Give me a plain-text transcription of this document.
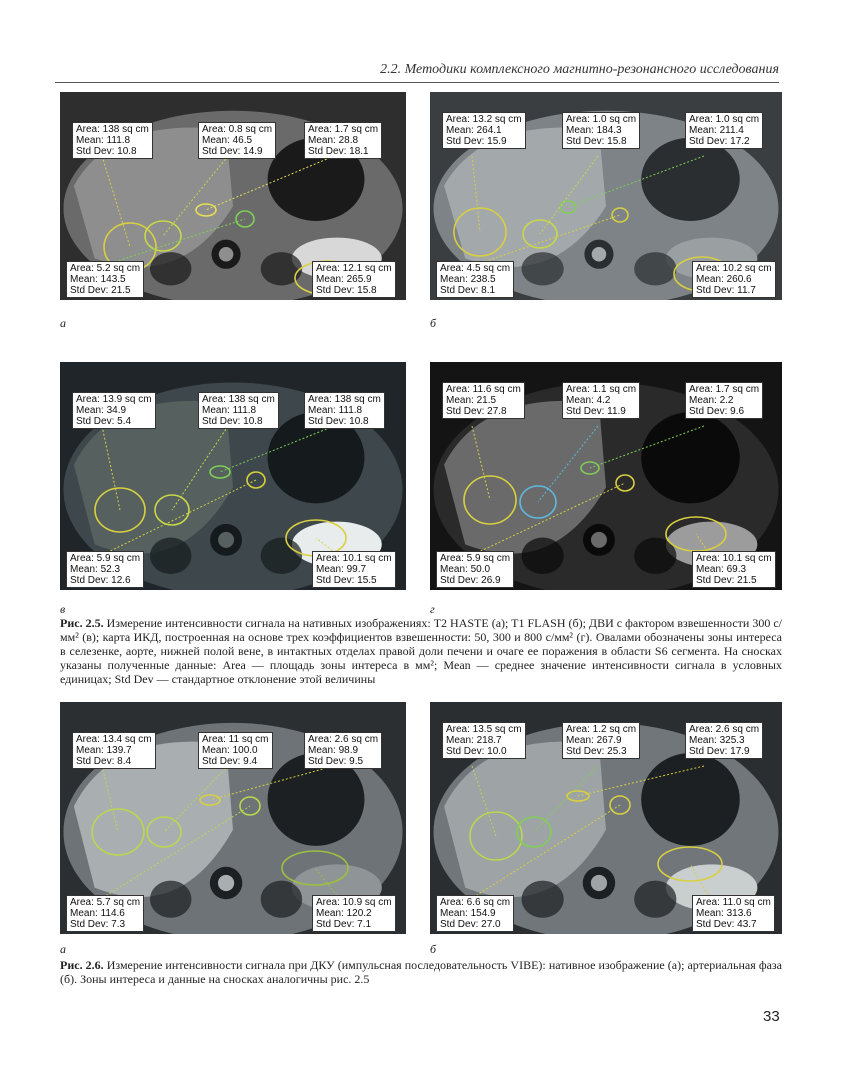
2.2. Методики комплексного магнитно-резонансного исследования
Area: 138 sq cm
Mean: 111.8
Std Dev: 10.8
Area: 0.8 sq cm
Mean: 46.5
Std Dev: 14.9
Area: 1.7 sq cm
Mean: 28.8
Std Dev: 18.1
Area: 5.2 sq cm
Mean: 143.5
Std Dev: 21.5
Area: 12.1 sq cm
Mean: 265.9
Std Dev: 15.8
а
Area: 13.2 sq cm
Mean: 264.1
Std Dev: 15.9
Area: 1.0 sq cm
Mean: 184.3
Std Dev: 15.8
Area: 1.0 sq cm
Mean: 211.4
Std Dev: 17.2
Area: 4.5 sq cm
Mean: 238.5
Std Dev: 8.1
Area: 10.2 sq cm
Mean: 260.6
Std Dev: 11.7
б
Area: 13.9 sq cm
Mean: 34.9
Std Dev: 5.4
Area: 138 sq cm
Mean: 111.8
Std Dev: 10.8
Area: 138 sq cm
Mean: 111.8
Std Dev: 10.8
Area: 5.9 sq cm
Mean: 52.3
Std Dev: 12.6
Area: 10.1 sq cm
Mean: 99.7
Std Dev: 15.5
в
Area: 11.6 sq cm
Mean: 21.5
Std Dev: 27.8
Area: 1.1 sq cm
Mean: 4.2
Std Dev: 11.9
Area: 1.7 sq cm
Mean: 2.2
Std Dev: 9.6
Area: 5.9 sq cm
Mean: 50.0
Std Dev: 26.9
Area: 10.1 sq cm
Mean: 69.3
Std Dev: 21.5
г
Area: 13.4 sq cm
Mean: 139.7
Std Dev: 8.4
Area: 11 sq cm
Mean: 100.0
Std Dev: 9.4
Area: 2.6 sq cm
Mean: 98.9
Std Dev: 9.5
Area: 5.7 sq cm
Mean: 114.6
Std Dev: 7.3
Area: 10.9 sq cm
Mean: 120.2
Std Dev: 7.1
а
Area: 13.5 sq cm
Mean: 218.7
Std Dev: 10.0
Area: 1.2 sq cm
Mean: 267.9
Std Dev: 25.3
Area: 2.6 sq cm
Mean: 325.3
Std Dev: 17.9
Area: 6.6 sq cm
Mean: 154.9
Std Dev: 27.0
Area: 11.0 sq cm
Mean: 313.6
Std Dev: 43.7
б
Рис. 2.5. Измерение интенсивности сигнала на нативных изображениях: T2 HASTE (а); T1 FLASH (б); ДВИ с фактором взвешенности 300 с/мм² (в); карта ИКД, построенная на основе трех коэффициентов взвешенности: 50, 300 и 800 с/мм² (г). Овалами обозначены зоны интереса в селезенке, аорте, нижней полой вене, в интактных отделах правой доли печени и очаге ее поражения в области S6 сегмента. На сносках указаны полученные данные: Area — площадь зоны интереса в мм²; Mean — среднее значение интенсивности сигнала в условных единицах; Std Dev — стандартное отклонение этой величины
Рис. 2.6. Измерение интенсивности сигнала при ДКУ (импульсная последовательность VIBE): нативное изображение (а); артериальная фаза (б). Зоны интереса и данные на сносках аналогичны рис. 2.5
33
